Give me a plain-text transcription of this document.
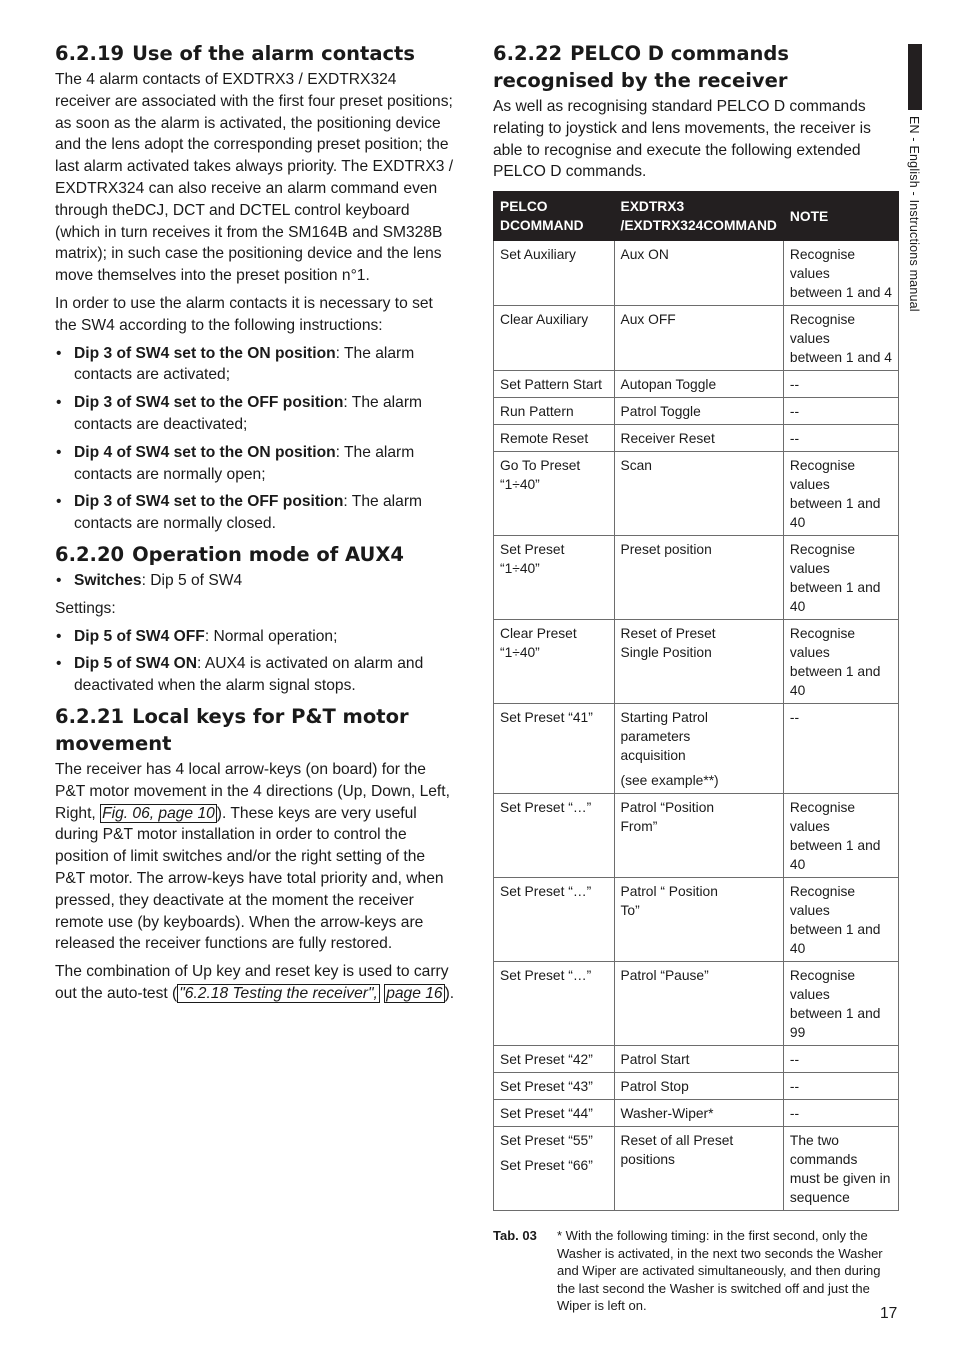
6.2.19 Use of the alarm contacts

The 4 alarm contacts of EXDTRX3 / EXDTRX324 receiver are associated with the first four preset positions; as soon as the alarm is activated, the positioning device and the lens adopt the corresponding preset position; the last alarm activated takes always priority. The EXDTRX3 / EXDTRX324 can also receive an alarm command even through theDCJ, DCT and DCTEL control keyboard (which in turn receives it from the SM164B and SM328B matrix); in such case the positioning device and the lens move themselves into the preset position n°1.

In order to use the alarm contacts it is necessary to set the SW4 according to the following instructions:

• Dip 3 of SW4 set to the ON position: The alarm contacts are activated;
• Dip 3 of SW4 set to the OFF position: The alarm contacts are deactivated;
• Dip 4 of SW4 set to the ON position: The alarm contacts are normally open;
• Dip 3 of SW4 set to the OFF position: The alarm contacts are normally closed.
6.2.20 Operation mode of AUX4
• Switches: Dip 5 of SW4

Settings:

• Dip 5 of SW4 OFF: Normal operation;
• Dip 5 of SW4 ON: AUX4 is activated on alarm and deactivated when the alarm signal stops.
6.2.21 Local keys for P&T motor movement

The receiver has 4 local arrow-keys (on board) for the P&T motor movement in the 4 directions (Up, Down, Left, Right, Fig. 06, page 10 ). These keys are very useful during P&T motor installation in order to control the position of limit switches and/or the right setting of the P&T motor. The arrow-keys have total priority and, when pressed, they deactivate at the moment the receiver remote use (by keyboards). When the arrow-keys are released the receiver functions are fully restored.

The combination of Up key and reset key is used to carry out the auto-test ( "6.2.18 Testing the receiver", page 16 ).

6.2.22 PELCO D commands recognised by the receiver

As well as recognising standard PELCO D commands relating to joystick and lens movements, the receiver is able to recognise and execute the following extended PELCO D commands.

PELCO DCOMMAND	EXDTRX3 /EXDTRX324COMMAND	NOTE

Set Auxiliary	Aux ON	Recognise values
between 1 and 4

Clear Auxiliary	Aux OFF	Recognise values
between 1 and 4

Set Pattern Start	Autopan Toggle	--

Run Pattern	Patrol Toggle	--

Remote Reset	Receiver Reset	--

Go To Preset
“1÷40”	Scan	Recognise values
between 1 and 40

Set Preset “1÷40”	Preset position	Recognise values
between 1 and 40

Clear Preset
“1÷40”	Reset of Preset
Single Position	Recognise values
between 1 and 40

Set Preset “41”	Starting Patrol
parameters
acquisition
(see example**)	--

Set Preset “…”	Patrol “Position
From”	Recognise values
between 1 and 40

Set Preset “…”	Patrol “ Position
To”	Recognise values
between 1 and 40

Set Preset “…”	Patrol “Pause”	Recognise values
between 1 and 99

Set Preset “42”	Patrol Start	--

Set Preset “43”	Patrol Stop	--

Set Preset “44”	Washer-Wiper*	--

Set Preset “55”
Set Preset “66”	Reset of all Preset
positions	The two
commands
must be given in
sequence
Tab. 03	* With the following timing: in the first second, only the Washer is activated, in the next two seconds the Washer and Wiper are activated simultaneously, and then during the last second the Washer is switched off and just the Wiper is left on.
EN - English - Instructions manual
17
